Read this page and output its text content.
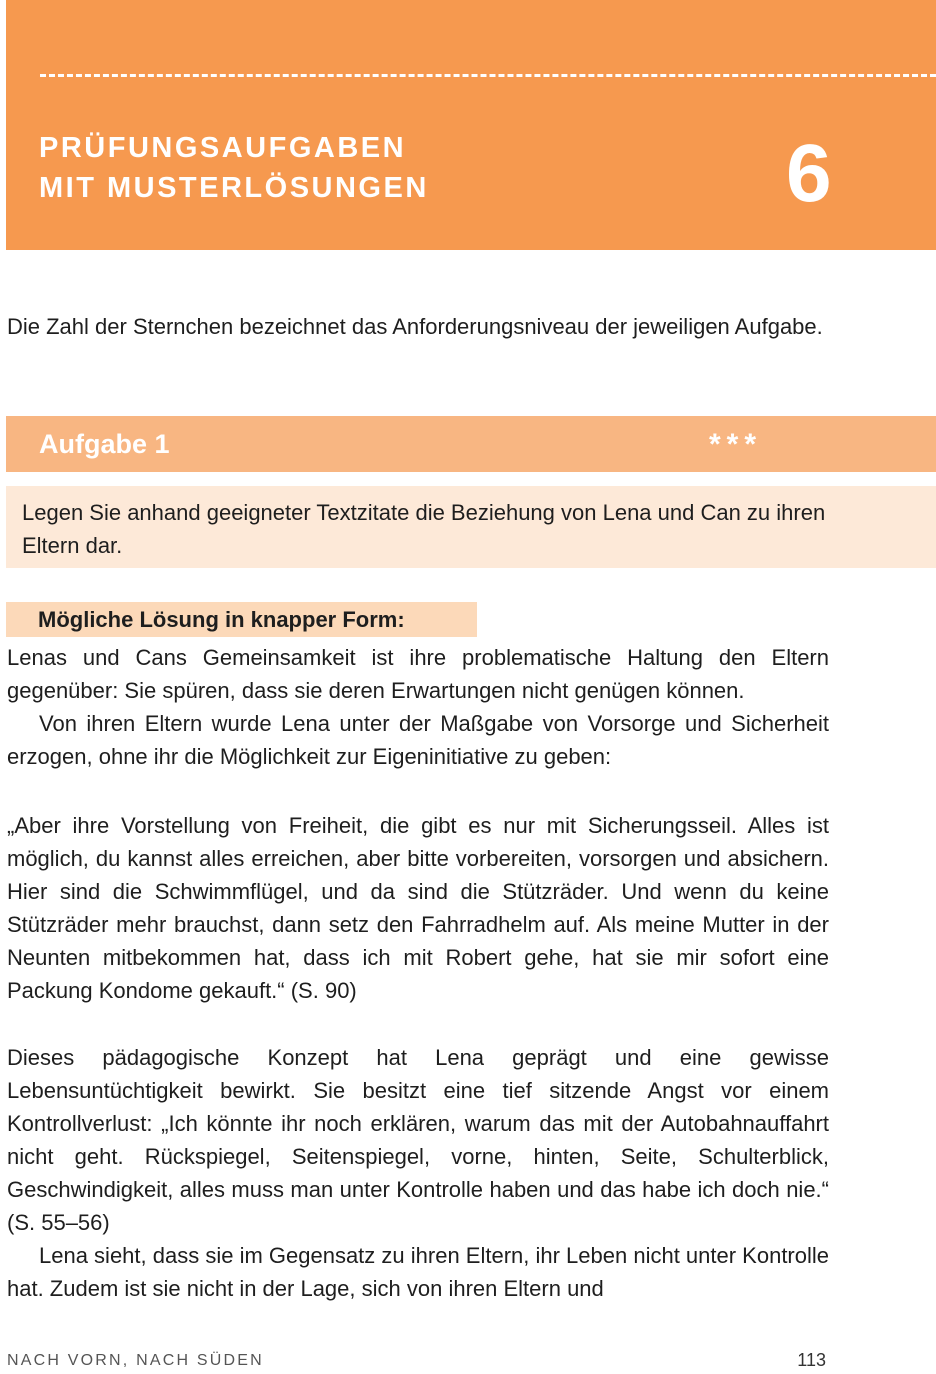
PRÜFUNGSAUFGABEN
MIT MUSTERLÖSUNGEN	6

Die Zahl der Sternchen bezeichnet das Anforderungsniveau der jeweiligen Aufgabe.

Aufgabe 1	***
Legen Sie anhand geeigneter Textzitate die Beziehung von Lena und Can zu ihren Eltern dar.
Mögliche Lösung in knapper Form:

Lenas und Cans Gemeinsamkeit ist ihre problematische Haltung den Eltern gegenüber: Sie spüren, dass sie deren Erwartungen nicht genügen können.

Von ihren Eltern wurde Lena unter der Maßgabe von Vorsorge und Sicherheit erzogen, ohne ihr die Möglichkeit zur Eigeninitiative zu geben:

„Aber ihre Vorstellung von Freiheit, die gibt es nur mit Sicherungsseil. Alles ist möglich, du kannst alles erreichen, aber bitte vorbereiten, vorsorgen und absichern. Hier sind die Schwimmflügel, und da sind die Stützräder. Und wenn du keine Stützräder mehr brauchst, dann setz den Fahrradhelm auf. Als meine Mutter in der Neunten mitbekommen hat, dass ich mit Robert gehe, hat sie mir sofort eine Packung Kondome gekauft.“ (S. 90)

Dieses pädagogische Konzept hat Lena geprägt und eine gewisse Lebensuntüchtigkeit bewirkt. Sie besitzt eine tief sitzende Angst vor einem Kontrollverlust: „Ich könnte ihr noch erklären, warum das mit der Autobahnauffahrt nicht geht. Rückspiegel, Seitenspiegel, vorne, hinten, Seite, Schulterblick, Geschwindigkeit, alles muss man unter Kontrolle haben und das habe ich doch nie.“ (S. 55–56)

Lena sieht, dass sie im Gegensatz zu ihren Eltern, ihr Leben nicht unter Kontrolle hat. Zudem ist sie nicht in der Lage, sich von ihren Eltern und

NACH VORN, NACH SÜDEN	113
